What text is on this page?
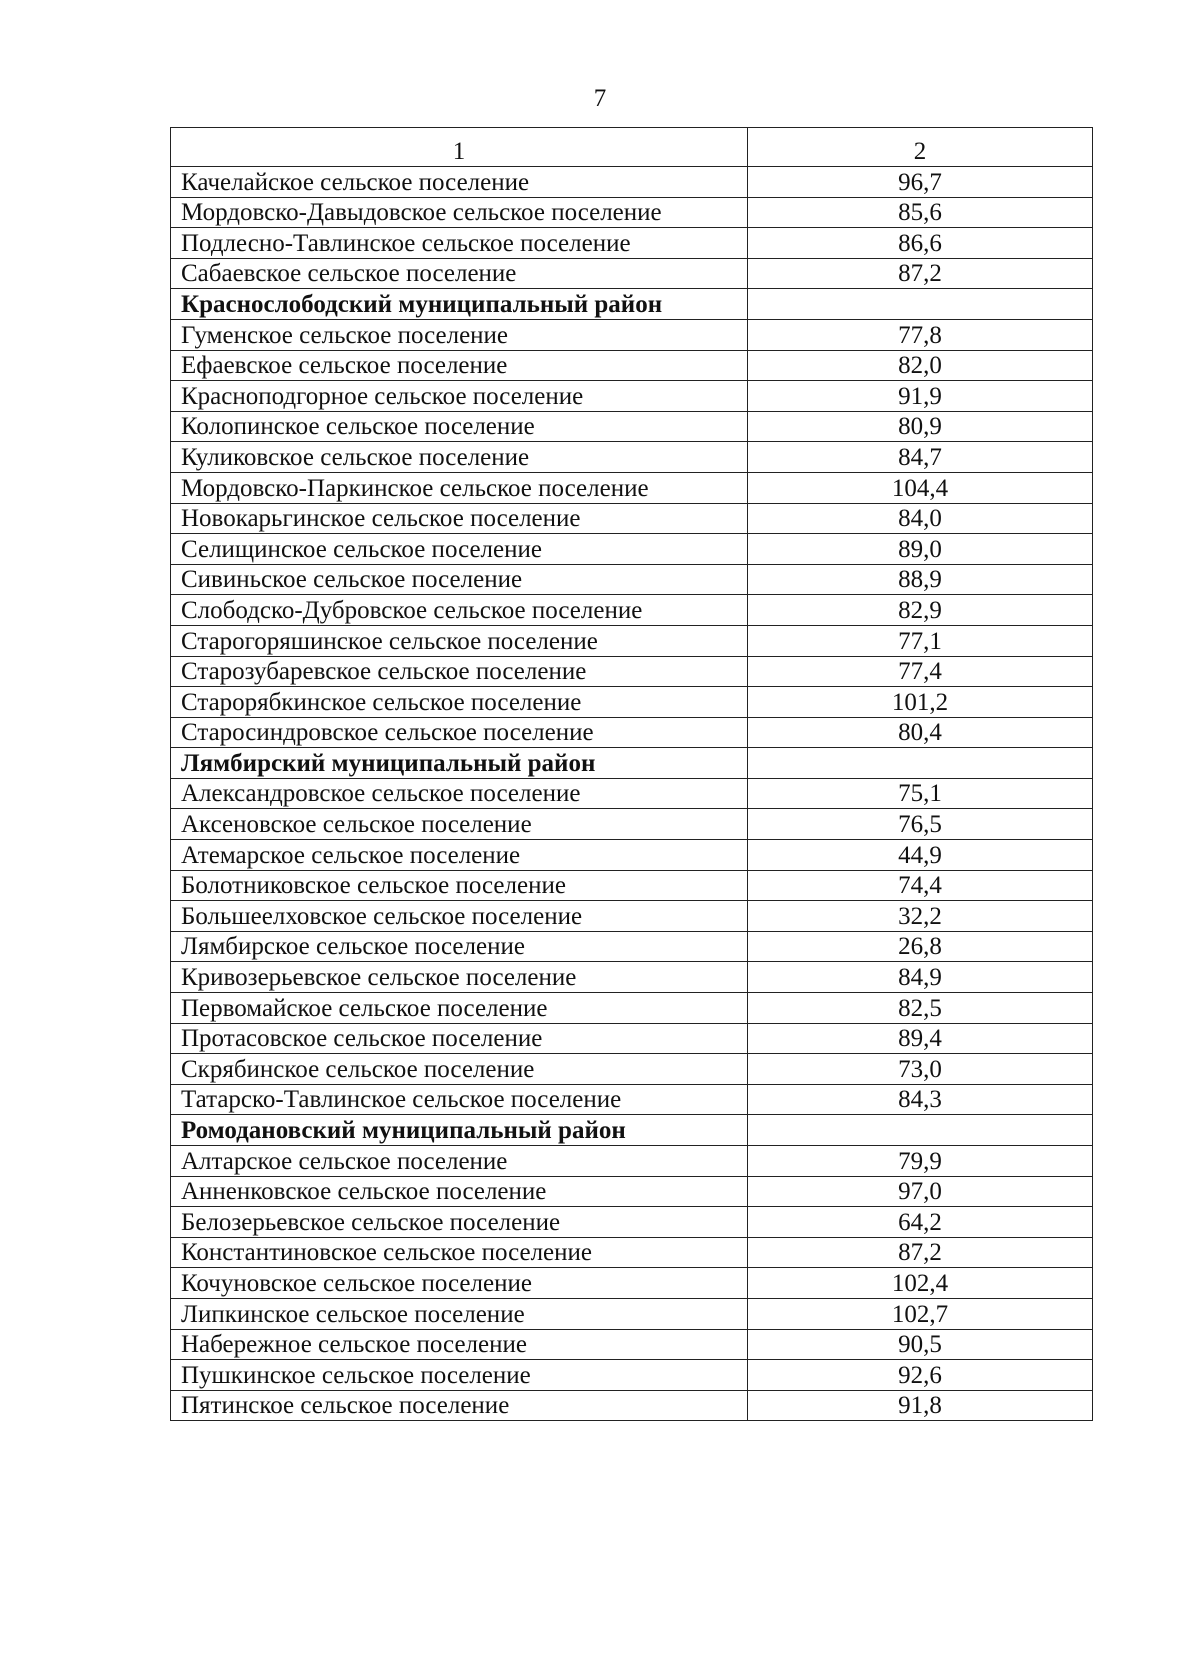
7
1	2
Качелайское сельское поселение	96,7
Мордовско-Давыдовское сельское поселение	85,6
Подлесно-Тавлинское сельское поселение	86,6
Сабаевское сельское поселение	87,2
Краснослободский муниципальный район	
Гуменское сельское поселение	77,8
Ефаевское сельское поселение	82,0
Красноподгорное сельское поселение	91,9
Колопинское сельское поселение	80,9
Куликовское сельское поселение	84,7
Мордовско-Паркинское сельское поселение	104,4
Новокарьгинское сельское поселение	84,0
Селищинское сельское поселение	89,0
Сивиньское сельское поселение	88,9
Слободско-Дубровское сельское поселение	82,9
Старогоряшинское сельское поселение	77,1
Старозубаревское сельское поселение	77,4
Старорябкинское сельское поселение	101,2
Старосиндровское сельское поселение	80,4
Лямбирский муниципальный район	
Александровское сельское поселение	75,1
Аксеновское сельское поселение	76,5
Атемарское сельское поселение	44,9
Болотниковское сельское поселение	74,4
Большеелховское сельское поселение	32,2
Лямбирское сельское поселение	26,8
Кривозерьевское сельское поселение	84,9
Первомайское сельское поселение	82,5
Протасовское сельское поселение	89,4
Скрябинское сельское поселение	73,0
Татарско-Тавлинское сельское поселение	84,3
Ромодановский муниципальный район	
Алтарское сельское поселение	79,9
Анненковское сельское поселение	97,0
Белозерьевское сельское поселение	64,2
Константиновское сельское поселение	87,2
Кочуновское сельское поселение	102,4
Липкинское сельское поселение	102,7
Набережное сельское поселение	90,5
Пушкинское сельское поселение	92,6
Пятинское сельское поселение	91,8
